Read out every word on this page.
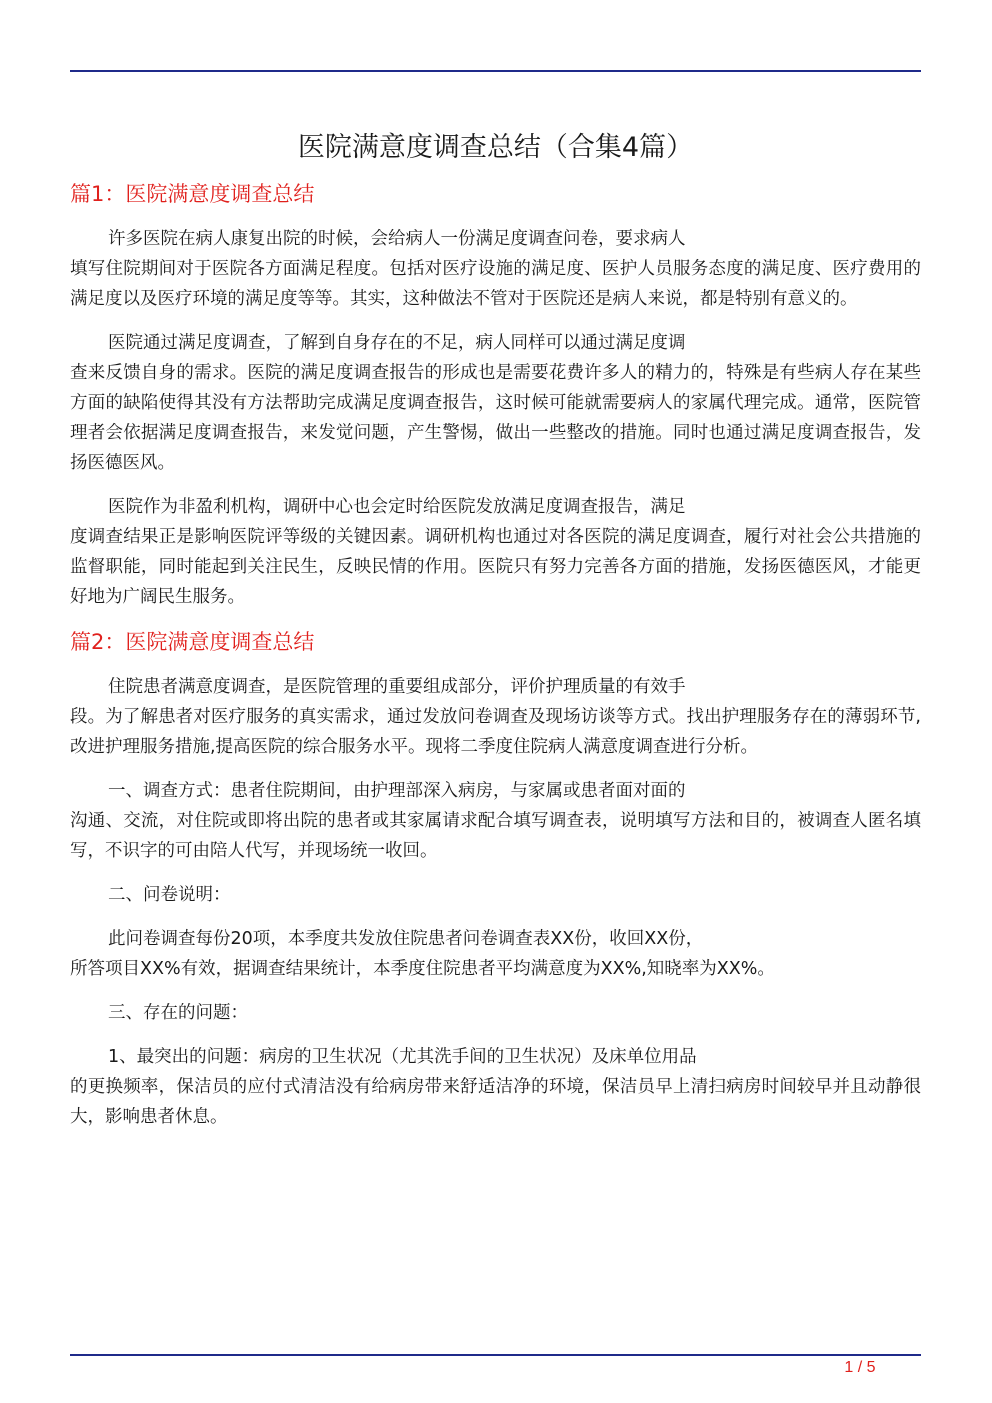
医院满意度调查总结（合集4篇）
篇1：医院满意度调查总结
许多医院在病人康复出院的时候，会给病人一份满足度调查问卷，要求病人
填写住院期间对于医院各方面满足程度。包括对医疗设施的满足度、医护人员服务态度的满足度、医疗费用的满足度以及医疗环境的满足度等等。其实，这种做法不管对于医院还是病人来说，都是特别有意义的。
医院通过满足度调查，了解到自身存在的不足，病人同样可以通过满足度调
查来反馈自身的需求。医院的满足度调查报告的形成也是需要花费许多人的精力的，特殊是有些病人存在某些方面的缺陷使得其没有方法帮助完成满足度调查报告，这时候可能就需要病人的家属代理完成。通常，医院管理者会依据满足度调查报告，来发觉问题，产生警惕，做出一些整改的措施。同时也通过满足度调查报告，发扬医德医风。
医院作为非盈利机构，调研中心也会定时给医院发放满足度调查报告，满足
度调查结果正是影响医院评等级的关键因素。调研机构也通过对各医院的满足度调查，履行对社会公共措施的监督职能，同时能起到关注民生，反映民情的作用。医院只有努力完善各方面的措施，发扬医德医风，才能更好地为广阔民生服务。
篇2：医院满意度调查总结
住院患者满意度调查，是医院管理的重要组成部分，评价护理质量的有效手
段。为了解患者对医疗服务的真实需求，通过发放问卷调查及现场访谈等方式。找出护理服务存在的薄弱环节,改进护理服务措施,提高医院的综合服务水平。现将二季度住院病人满意度调查进行分析。
一、调查方式：患者住院期间，由护理部深入病房，与家属或患者面对面的
沟通、交流，对住院或即将出院的患者或其家属请求配合填写调查表，说明填写方法和目的，被调查人匿名填写，不识字的可由陪人代写，并现场统一收回。
二、问卷说明：
此问卷调查每份20项，本季度共发放住院患者问卷调查表XX份，收回XX份，
所答项目XX%有效，据调查结果统计，本季度住院患者平均满意度为XX%,知晓率为XX%。
三、存在的问题：
1、最突出的问题：病房的卫生状况（尤其洗手间的卫生状况）及床单位用品
的更换频率，保洁员的应付式清洁没有给病房带来舒适洁净的环境，保洁员早上清扫病房时间较早并且动静很大，影响患者休息。
1 / 5
